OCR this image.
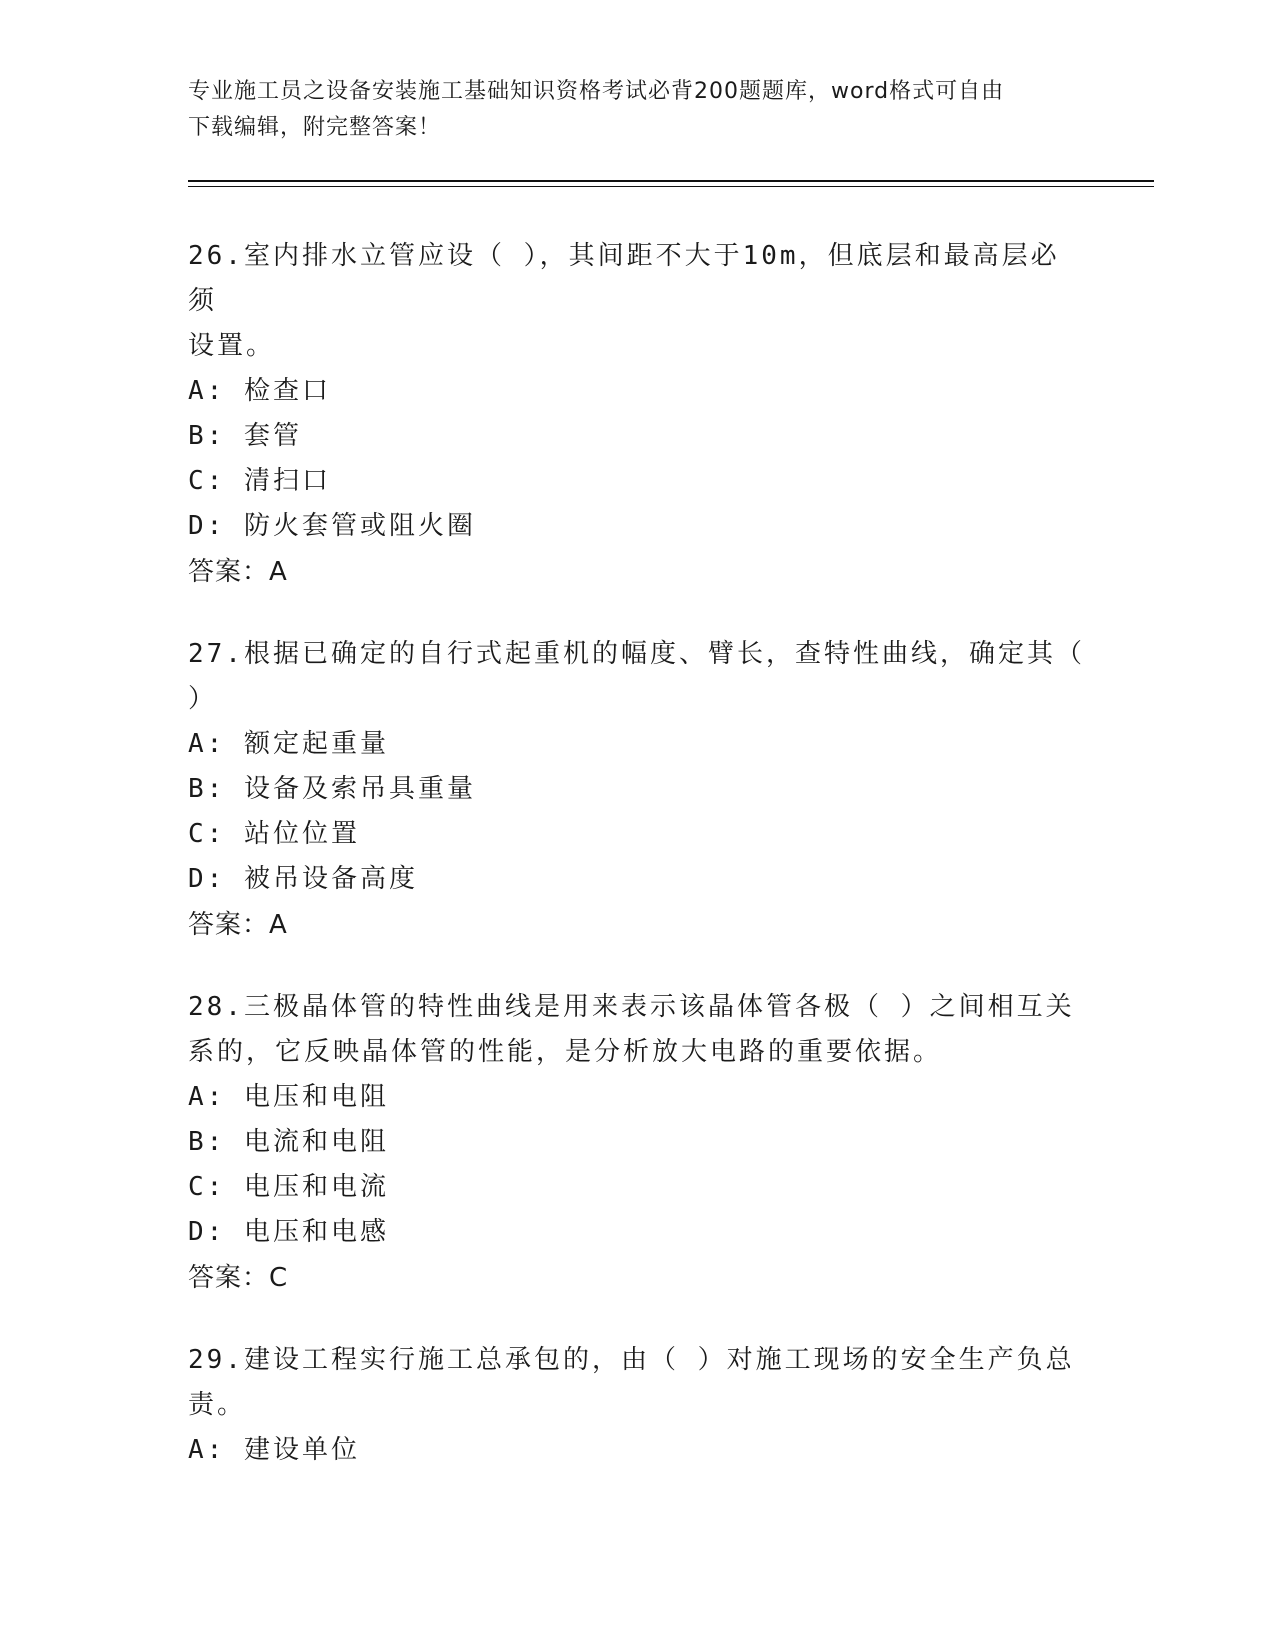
专业施工员之设备安装施工基础知识资格考试必背200题题库，word格式可自由
下载编辑，附完整答案！
26.室内排水立管应设（ ），其间距不大于10m，但底层和最高层必须
设置。
A: 检查口
B: 套管
C: 清扫口
D: 防火套管或阻火圈
答案：A
27.根据已确定的自行式起重机的幅度、臂长，查特性曲线，确定其（
）
A: 额定起重量
B: 设备及索吊具重量
C: 站位位置
D: 被吊设备高度
答案：A
28.三极晶体管的特性曲线是用来表示该晶体管各极（ ）之间相互关
系的，它反映晶体管的性能，是分析放大电路的重要依据。
A: 电压和电阻
B: 电流和电阻
C: 电压和电流
D: 电压和电感
答案：C
29.建设工程实行施工总承包的，由（ ）对施工现场的安全生产负总
责。
A: 建设单位
